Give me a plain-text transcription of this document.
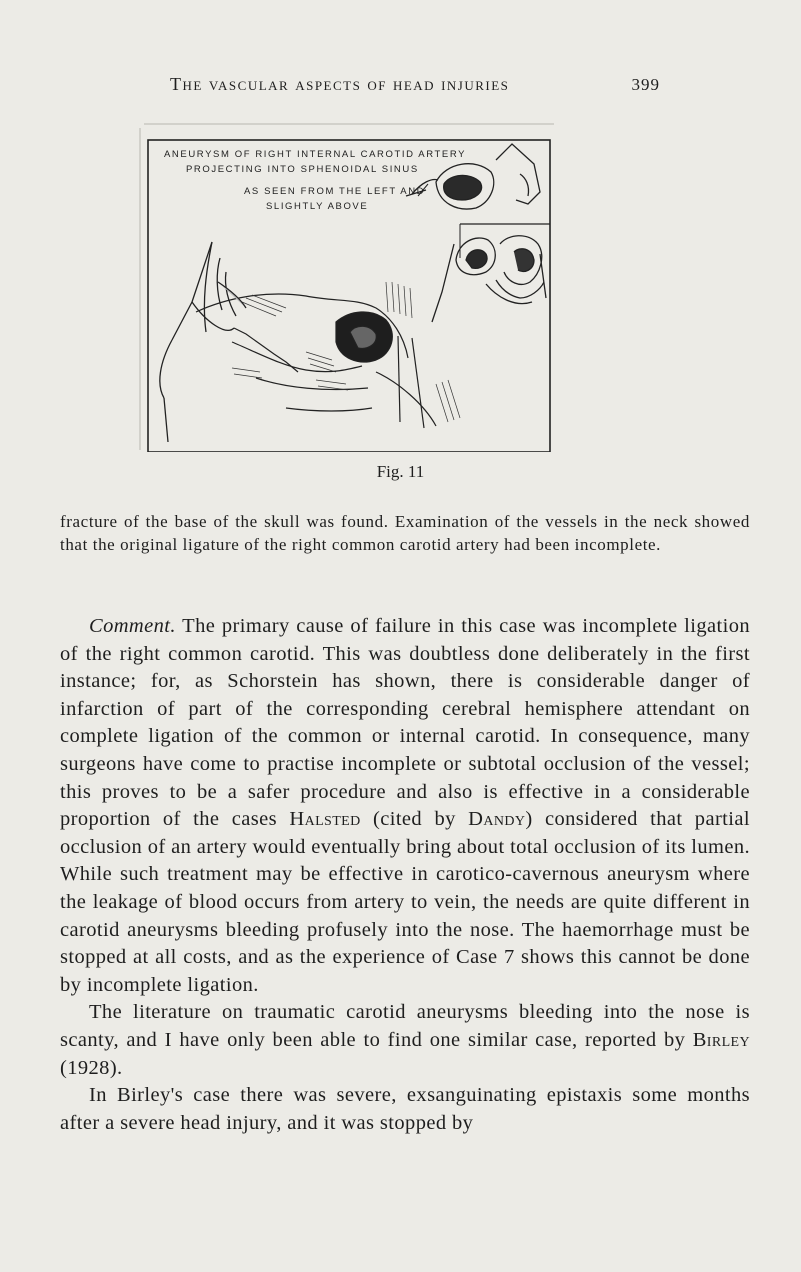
The vascular aspects of head injuries	399
ANEURYSM OF RIGHT INTERNAL CAROTID ARTERY
PROJECTING INTO SPHENOIDAL SINUS
AS SEEN FROM THE LEFT AND
SLIGHTLY ABOVE
Fig. 11
fracture of the base of the skull was found. Examination of the vessels in the neck showed that the original ligature of the right common carotid artery had been incomplete.

Comment. The primary cause of failure in this case was incomplete ligation of the right common carotid. This was doubtless done deliberately in the first instance; for, as Schorstein has shown, there is considerable danger of infarction of part of the corresponding cerebral hemisphere attendant on complete ligation of the common or internal carotid. In consequence, many surgeons have come to practise incomplete or subtotal occlusion of the vessel; this proves to be a safer procedure and also is effective in a considerable proportion of the cases Halsted (cited by Dandy) considered that partial occlusion of an artery would eventually bring about total occlusion of its lumen. While such treatment may be effective in carotico-cavernous aneurysm where the leakage of blood occurs from artery to vein, the needs are quite different in carotid aneurysms bleeding profusely into the nose. The haemorrhage must be stopped at all costs, and as the experience of Case 7 shows this cannot be done by incomplete ligation.

The literature on traumatic carotid aneurysms bleeding into the nose is scanty, and I have only been able to find one similar case, reported by Birley (1928).

In Birley's case there was severe, exsanguinating epistaxis some months after a severe head injury, and it was stopped by
